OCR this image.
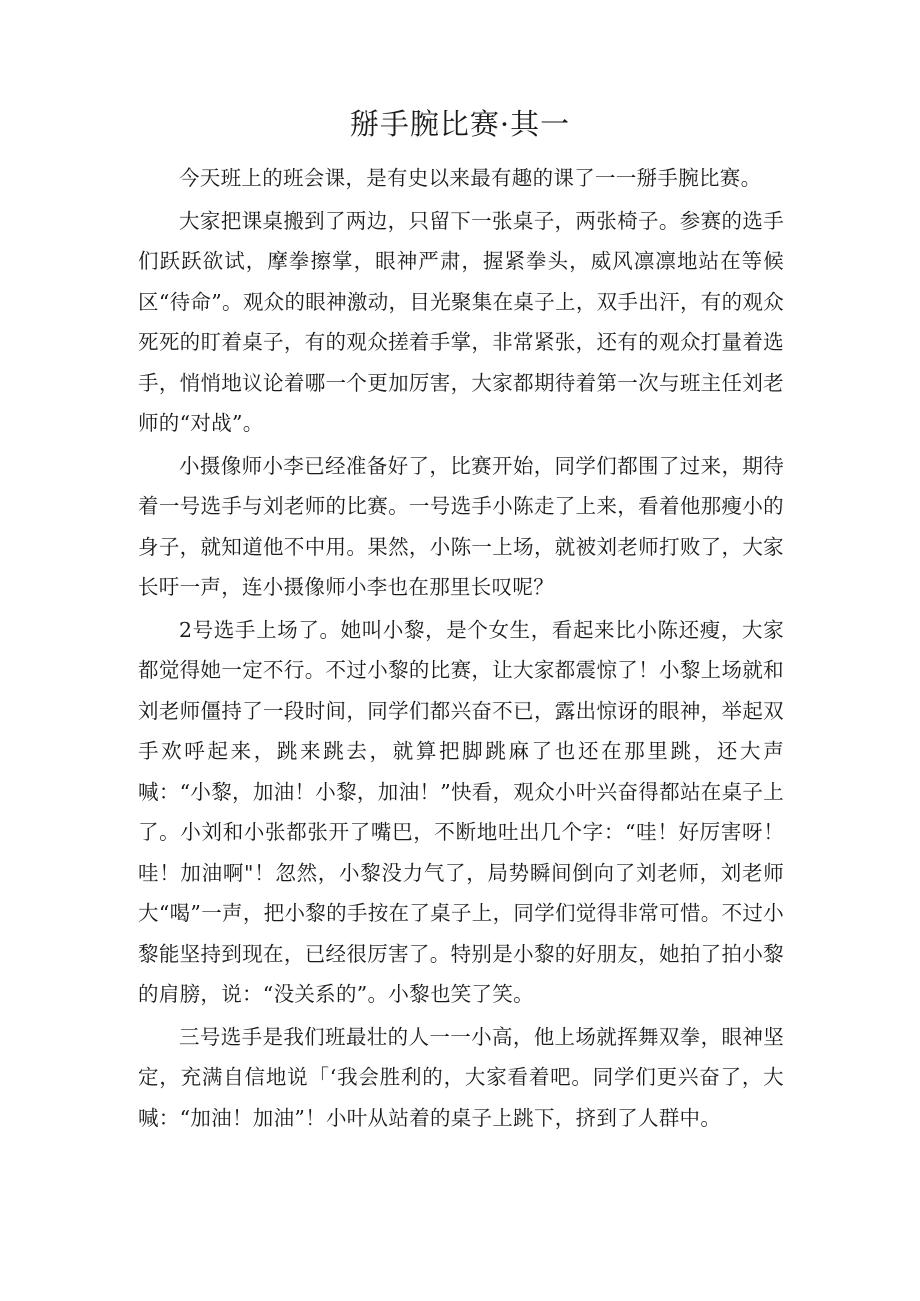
掰手腕比赛·其一

今天班上的班会课，是有史以来最有趣的课了一一掰手腕比赛。

大家把课桌搬到了两边，只留下一张桌子，两张椅子。参赛的选手们跃跃欲试，摩拳擦掌，眼神严肃，握紧拳头，威风凛凛地站在等候区“待命”。观众的眼神激动，目光聚集在桌子上，双手出汗，有的观众死死的盯着桌子，有的观众搓着手掌，非常紧张，还有的观众打量着选手，悄悄地议论着哪一个更加厉害，大家都期待着第一次与班主任刘老师的“对战”。

小摄像师小李已经准备好了，比赛开始，同学们都围了过来，期待着一号选手与刘老师的比赛。一号选手小陈走了上来，看着他那瘦小的身子，就知道他不中用。果然，小陈一上场，就被刘老师打败了，大家长吁一声，连小摄像师小李也在那里长叹呢？

2号选手上场了。她叫小黎，是个女生，看起来比小陈还瘦，大家都觉得她一定不行。不过小黎的比赛，让大家都震惊了！小黎上场就和刘老师僵持了一段时间，同学们都兴奋不已，露出惊讶的眼神，举起双手欢呼起来，跳来跳去，就算把脚跳麻了也还在那里跳，还大声喊：“小黎，加油！小黎，加油！”快看，观众小叶兴奋得都站在桌子上了。小刘和小张都张开了嘴巴，不断地吐出几个字：“哇！好厉害呀！哇！加油啊"！忽然，小黎没力气了，局势瞬间倒向了刘老师，刘老师大“喝”一声，把小黎的手按在了桌子上，同学们觉得非常可惜。不过小黎能坚持到现在，已经很厉害了。特别是小黎的好朋友，她拍了拍小黎的肩膀，说：“没关系的”。小黎也笑了笑。

三号选手是我们班最壮的人一一小高，他上场就挥舞双拳，眼神坚定，充满自信地说「‘我会胜利的，大家看着吧。同学们更兴奋了，大喊：“加油！加油”！小叶从站着的桌子上跳下，挤到了人群中。
